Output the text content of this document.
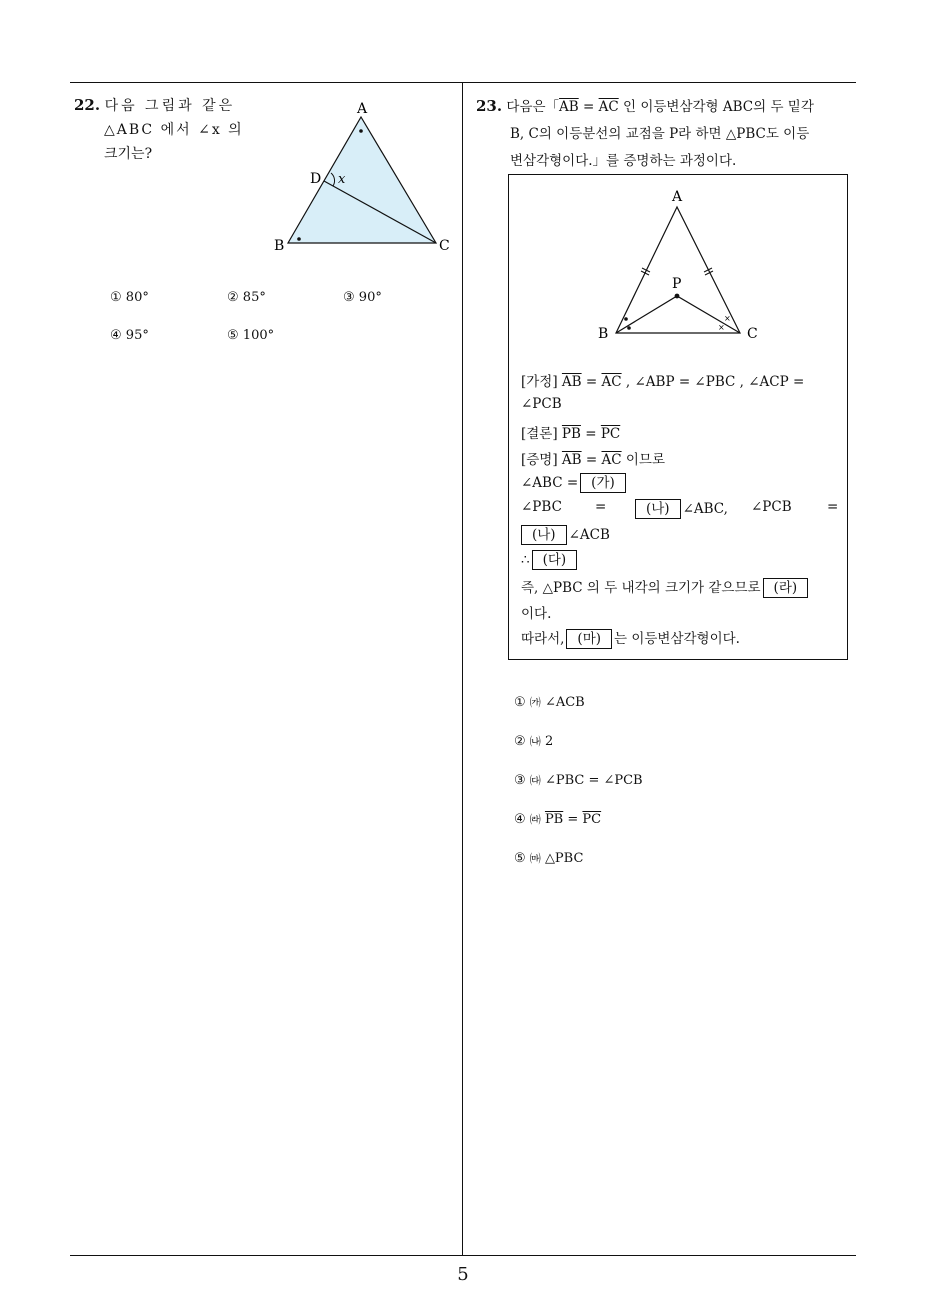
22. 다음 그림과 같은
△ABC 에서 ∠x 의
크기는?
A
B	C
D x
① 80°	② 85°	③ 90°
④ 95°	⑤ 100°
23. 다음은「$\overline{AB} = \overline{AC}$ 인 이등변삼각형 ABC의 두 밑각
B, C의 이등분선의 교점을 P라 하면 △PBC도 이등
변삼각형이다.」를 증명하는 과정이다.
×
×
A
P
B	C
[가정] $\overline{AB} = \overline{AC}$ , ∠ABP = ∠PBC , ∠ACP =
∠PCB
[결론] $\overline{PB} = \overline{PC}$
[증명] $\overline{AB} = \overline{AC}$ 이므로
∠ABC = (가)
∠PBC =	(나) ∠ABC, ∠PCB	=
(나) ∠ACB
∴ (다)
즉, △PBC 의 두 내각의 크기가 같으므로 (라)
이다.
따라서, (마) 는 이등변삼각형이다.
① ㈎ ∠ACB
② ㈏ 2
③ ㈐ ∠PBC = ∠PCB
④ ㈑ $\overline{PB} = \overline{PC}$
⑤ ㈒ △PBC
5
